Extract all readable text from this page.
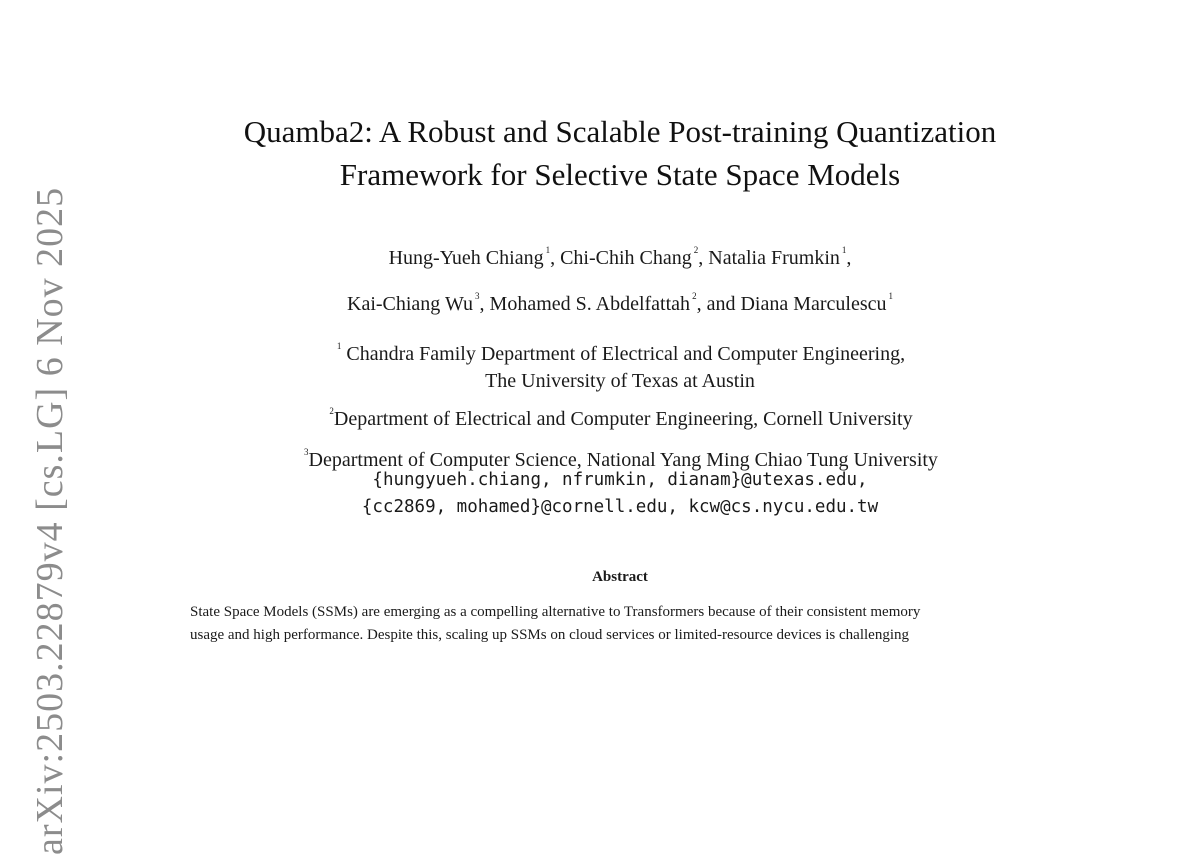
arXiv:2503.22879v4 [cs.LG] 6 Nov 2025
Quamba2: A Robust and Scalable Post-training Quantization
Framework for Selective State Space Models
Hung-Yueh Chiang $^1$, Chi-Chih Chang $^2$, Natalia Frumkin $^1$,
Kai-Chiang Wu $^3$, Mohamed S. Abdelfattah $^2$, and Diana Marculescu $^1$
$^1$ Chandra Family Department of Electrical and Computer Engineering,
The University of Texas at Austin
$^2$Department of Electrical and Computer Engineering, Cornell University
$^3$Department of Computer Science, National Yang Ming Chiao Tung University
{hungyueh.chiang, nfrumkin, dianam}@utexas.edu,
{cc2869, mohamed}@cornell.edu, kcw@cs.nycu.edu.tw
Abstract
State Space Models (SSMs) are emerging as a compelling alternative to Transformers because of their consistent memory
usage and high performance. Despite this, scaling up SSMs on cloud services or limited-resource devices is challenging
